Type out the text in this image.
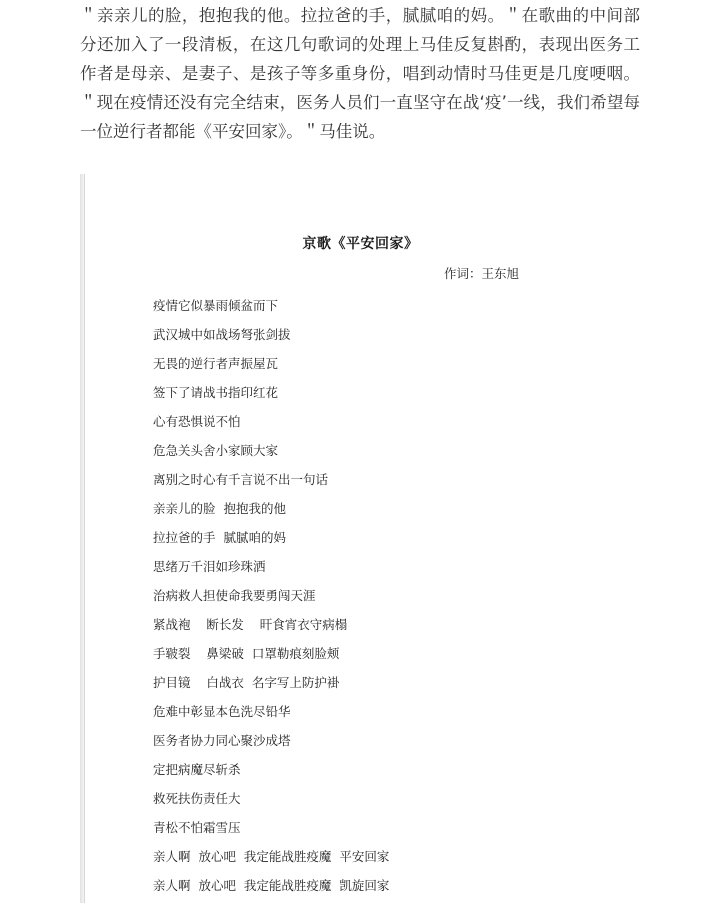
＂亲亲儿的脸，抱抱我的他。拉拉爸的手，腻腻咱的妈。＂在歌曲的中间部分还加入了一段清板，在这几句歌词的处理上马佳反复斟酌，表现出医务工作者是母亲、是妻子、是孩子等多重身份，唱到动情时马佳更是几度哽咽。＂现在疫情还没有完全结束，医务人员们一直坚守在战‘疫’一线，我们希望每一位逆行者都能《平安回家》。＂马佳说。

京歌《平安回家》
作词：王东旭
疫情它似暴雨倾盆而下
武汉城中如战场弩张剑拔
无畏的逆行者声振屋瓦
签下了请战书指印红花
心有恐惧说不怕
危急关头舍小家顾大家
离别之时心有千言说不出一句话
亲亲儿的脸  抱抱我的他
拉拉爸的手  腻腻咱的妈
思绪万千泪如珍珠洒
治病救人担使命我要勇闯天涯
紧战袍    断长发    旰食宵衣守病榻
手皲裂    鼻梁破  口罩勒痕刻脸颊
护目镜    白战衣  名字写上防护褂
危难中彰显本色洗尽铅华
医务者协力同心聚沙成塔
定把病魔尽斩杀
救死扶伤责任大
青松不怕霜雪压
亲人啊  放心吧  我定能战胜疫魔  平安回家
亲人啊  放心吧  我定能战胜疫魔  凯旋回家
